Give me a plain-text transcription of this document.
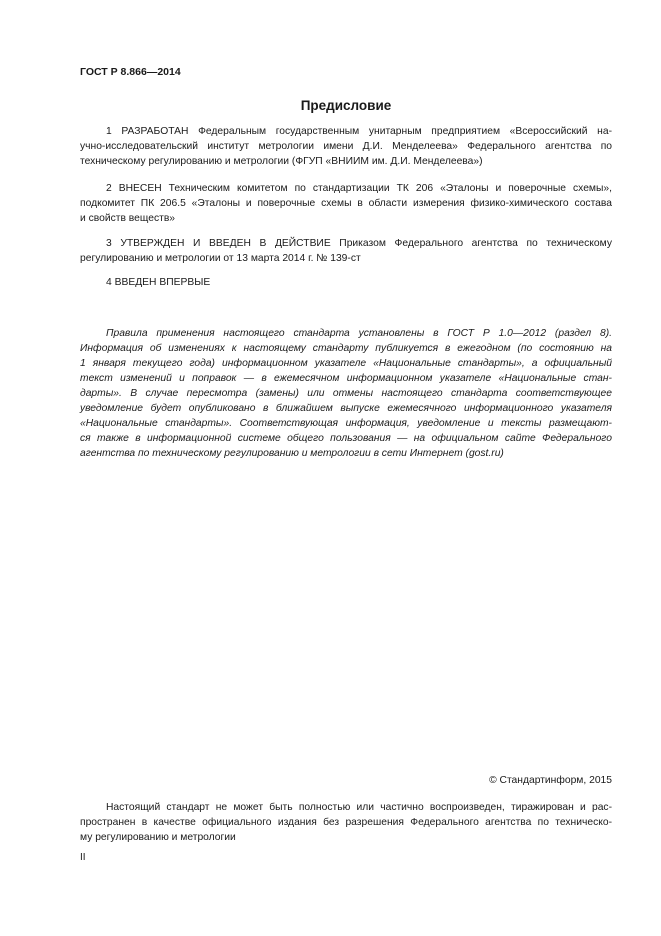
ГОСТ Р 8.866—2014
Предисловие
1 РАЗРАБОТАН Федеральным государственным унитарным предприятием «Всероссийский на-
учно-исследовательский институт метрологии имени Д.И. Менделеева» Федерального агентства по
техническому регулированию и метрологии (ФГУП «ВНИИМ им. Д.И. Менделеева»)
2 ВНЕСЕН Техническим комитетом по стандартизации ТК 206 «Эталоны и поверочные схемы»,
подкомитет ПК 206.5 «Эталоны и поверочные схемы в области измерения физико-химического состава
и свойств веществ»
3 УТВЕРЖДЕН И ВВЕДЕН В ДЕЙСТВИЕ Приказом Федерального агентства по техническому
регулированию и метрологии от 13 марта 2014 г. № 139-ст
4 ВВЕДЕН ВПЕРВЫЕ
Правила применения настоящего стандарта установлены в ГОСТ Р 1.0—2012 (раздел 8).
Информация об изменениях к настоящему стандарту публикуется в ежегодном (по состоянию на
1 января текущего года) информационном указателе «Национальные стандарты», а официальный
текст изменений и поправок — в ежемесячном информационном указателе «Национальные стан-
дарты». В случае пересмотра (замены) или отмены настоящего стандарта соответствующее
уведомление будет опубликовано в ближайшем выпуске ежемесячного информационного указателя
«Национальные стандарты». Соответствующая информация, уведомление и тексты размещают-
ся также в информационной системе общего пользования — на официальном сайте Федерального
агентства по техническому регулированию и метрологии в сети Интернет (gost.ru)
© Стандартинформ, 2015
Настоящий стандарт не может быть полностью или частично воспроизведен, тиражирован и рас-
пространен в качестве официального издания без разрешения Федерального агентства по техническо-
му регулированию и метрологии
II
